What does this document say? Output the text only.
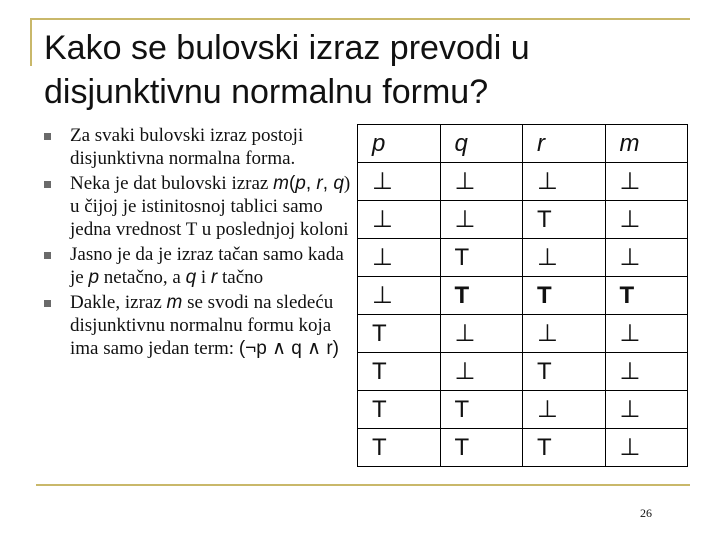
Kako se bulovski izraz prevodi u disjunktivnu normalnu formu?
Za svaki bulovski izraz postoji disjunktivna normalna forma.
Neka je dat bulovski izraz m(p, r, q) u čijoj je istinitosnoj tablici samo jedna vrednost T u poslednjoj koloni
Jasno je da je izraz tačan samo kada je p netačno, a q i r tačno
Dakle, izraz m se svodi na sledeću disjunktivnu normalnu formu koja ima samo jedan term: (¬p ∧ q ∧ r)
p	q	r	m
⊥	⊥	⊥	⊥
⊥	⊥	T	⊥
⊥	T	⊥	⊥
⊥	T	T	T
T	⊥	⊥	⊥
T	⊥	T	⊥
T	T	⊥	⊥
T	T	T	⊥
26
